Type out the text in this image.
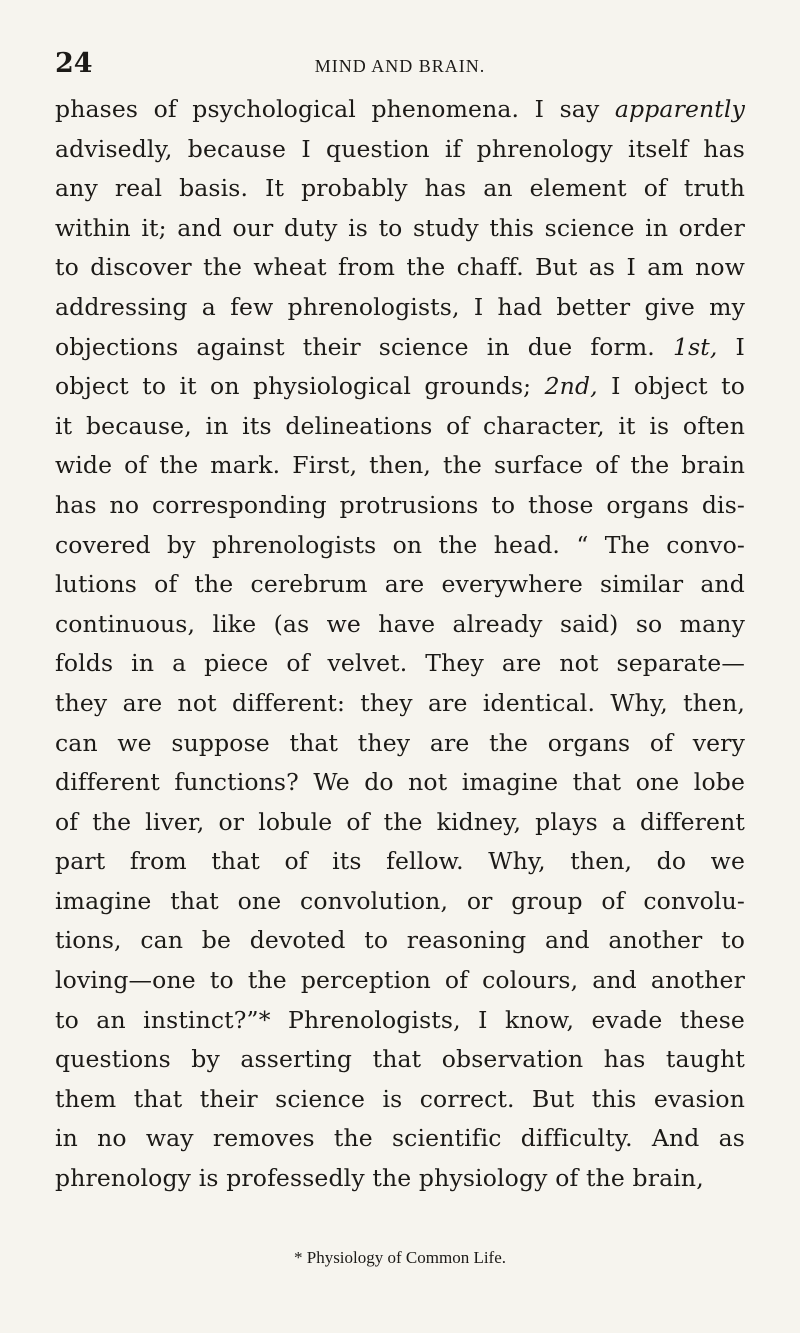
24	MIND AND BRAIN.
phases of psychological phenomena. I say apparently
advisedly, because I question if phrenology itself has
any real basis. It probably has an element of truth
within it; and our duty is to study this science in order
to discover the wheat from the chaff. But as I am now
addressing a few phrenologists, I had better give my
objections against their science in due form. 1st, I
object to it on physiological grounds; 2nd, I object to
it because, in its delineations of character, it is often
wide of the mark. First, then, the surface of the brain
has no corresponding protrusions to those organs dis-
covered by phrenologists on the head. “ The convo-
lutions of the cerebrum are everywhere similar and
continuous, like (as we have already said) so many
folds in a piece of velvet. They are not separate—
they are not different: they are identical. Why, then,
can we suppose that they are the organs of very
different functions? We do not imagine that one lobe
of the liver, or lobule of the kidney, plays a different
part from that of its fellow. Why, then, do we
imagine that one convolution, or group of convolu-
tions, can be devoted to reasoning and another to
loving—one to the perception of colours, and another
to an instinct?”* Phrenologists, I know, evade these
questions by asserting that observation has taught
them that their science is correct. But this evasion
in no way removes the scientific difficulty. And as
phrenology is professedly the physiology of the brain,
* Physiology of Common Life.
